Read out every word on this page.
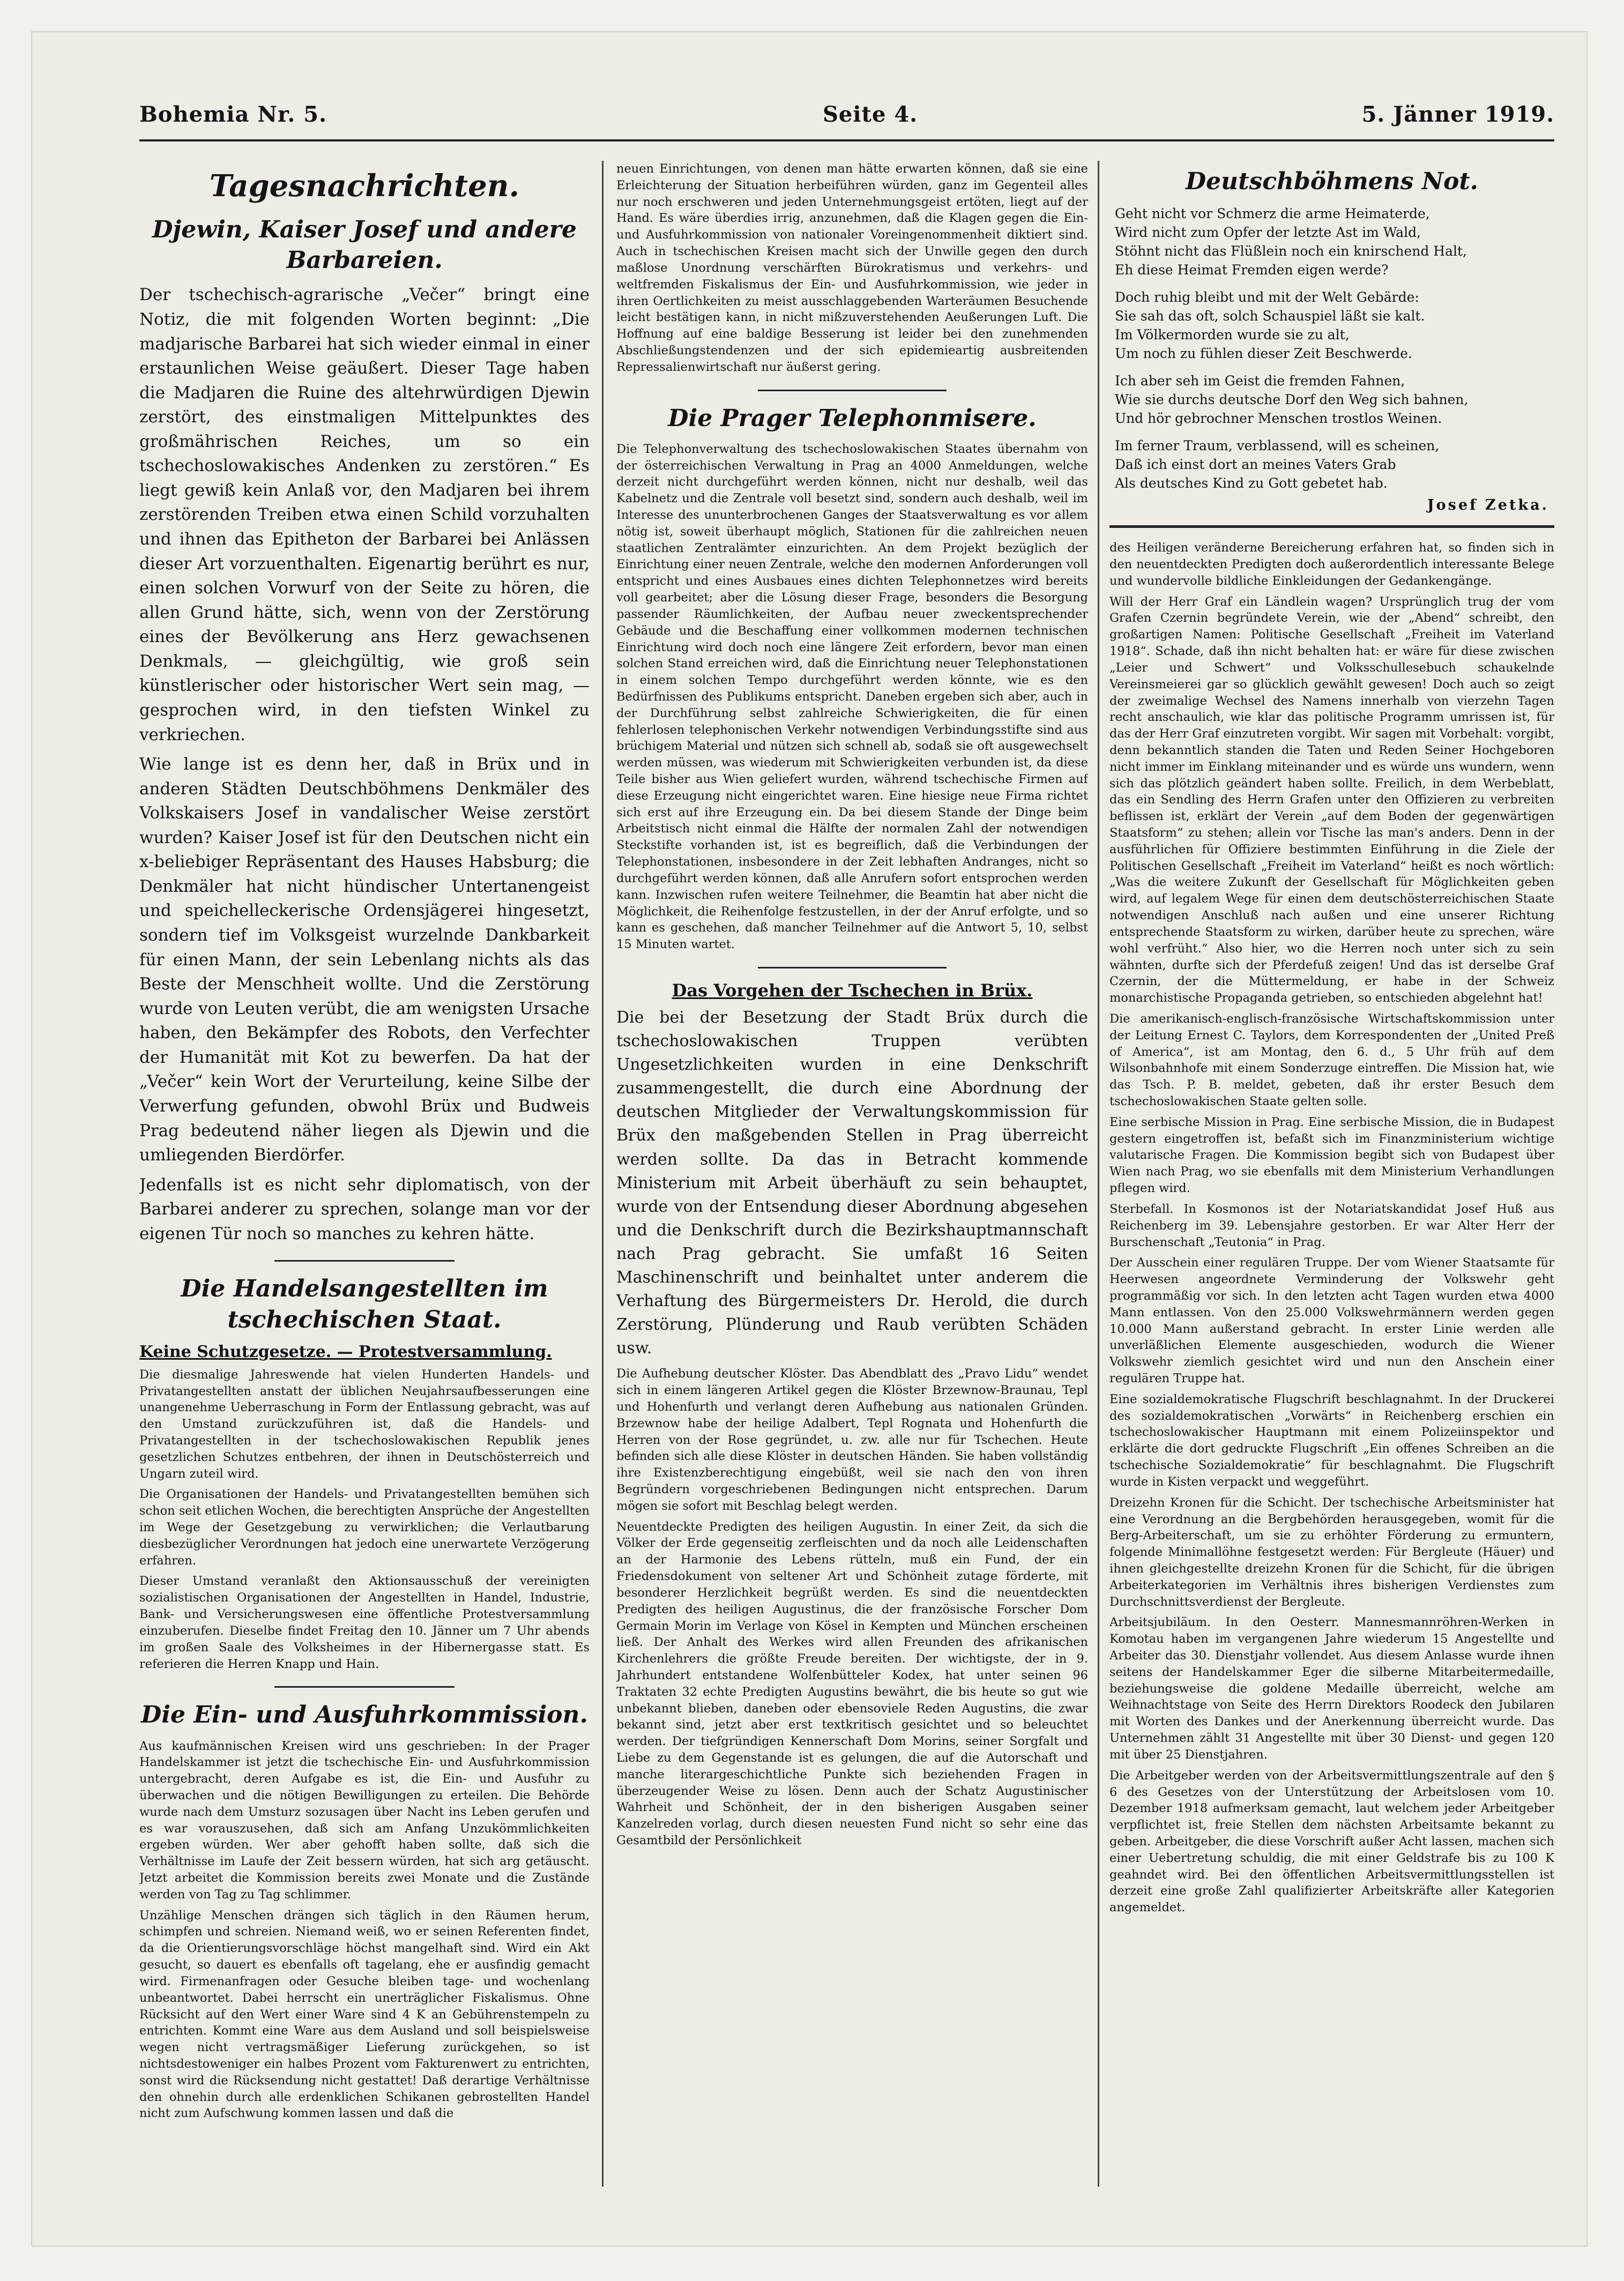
Bohemia Nr. 5.	Seite 4.	5. Jänner 1919.
Tagesnachrichten.
Djewin, Kaiser Josef und andere Barbareien.

Der tschechisch-agrarische „Večer“ bringt eine Notiz, die mit folgenden Worten beginnt: „Die madjarische Barbarei hat sich wieder einmal in einer erstaunlichen Weise geäußert. Dieser Tage haben die Madjaren die Ruine des altehrwürdigen Djewin zerstört, des einstmaligen Mittelpunktes des großmährischen Reiches, um so ein tschechoslowakisches Andenken zu zerstören.“ Es liegt gewiß kein Anlaß vor, den Madjaren bei ihrem zerstörenden Treiben etwa einen Schild vorzuhalten und ihnen das Epitheton der Barbarei bei Anlässen dieser Art vorzuenthalten. Eigenartig berührt es nur, einen solchen Vorwurf von der Seite zu hören, die allen Grund hätte, sich, wenn von der Zerstörung eines der Bevölkerung ans Herz gewachsenen Denkmals, — gleichgültig, wie groß sein künstlerischer oder historischer Wert sein mag, — gesprochen wird, in den tiefsten Winkel zu verkriechen.

Wie lange ist es denn her, daß in Brüx und in anderen Städten Deutschböhmens Denkmäler des Volkskaisers Josef in vandalischer Weise zerstört wurden? Kaiser Josef ist für den Deutschen nicht ein x-beliebiger Repräsentant des Hauses Habsburg; die Denkmäler hat nicht hündischer Untertanengeist und speichelleckerische Ordensjägerei hingesetzt, sondern tief im Volksgeist wurzelnde Dankbarkeit für einen Mann, der sein Lebenlang nichts als das Beste der Menschheit wollte. Und die Zerstörung wurde von Leuten verübt, die am wenigsten Ursache haben, den Bekämpfer des Robots, den Verfechter der Humanität mit Kot zu bewerfen. Da hat der „Večer“ kein Wort der Verurteilung, keine Silbe der Verwerfung gefunden, obwohl Brüx und Budweis Prag bedeutend näher liegen als Djewin und die umliegenden Bierdörfer.

Jedenfalls ist es nicht sehr diplomatisch, von der Barbarei anderer zu sprechen, solange man vor der eigenen Tür noch so manches zu kehren hätte.

Die Handelsangestellten im tschechischen Staat.
Keine Schutzgesetze. — Protestversammlung.

Die diesmalige Jahreswende hat vielen Hunderten Handels- und Privatangestellten anstatt der üblichen Neujahrsaufbesserungen eine unangenehme Ueberraschung in Form der Entlassung gebracht, was auf den Umstand zurückzuführen ist, daß die Handels- und Privatangestellten in der tschechoslowakischen Republik jenes gesetzlichen Schutzes entbehren, der ihnen in Deutschösterreich und Ungarn zuteil wird.

Die Organisationen der Handels- und Privatangestellten bemühen sich schon seit etlichen Wochen, die berechtigten Ansprüche der Angestellten im Wege der Gesetzgebung zu verwirklichen; die Verlautbarung diesbezüglicher Verordnungen hat jedoch eine unerwartete Verzögerung erfahren.

Dieser Umstand veranlaßt den Aktionsausschuß der vereinigten sozialistischen Organisationen der Angestellten in Handel, Industrie, Bank- und Versicherungswesen eine öffentliche Protestversammlung einzuberufen. Dieselbe findet Freitag den 10. Jänner um 7 Uhr abends im großen Saale des Volksheimes in der Hibernergasse statt. Es referieren die Herren Knapp und Hain.

Die Ein- und Ausfuhrkommission.

Aus kaufmännischen Kreisen wird uns geschrieben: In der Prager Handelskammer ist jetzt die tschechische Ein- und Ausfuhrkommission untergebracht, deren Aufgabe es ist, die Ein- und Ausfuhr zu überwachen und die nötigen Bewilligungen zu erteilen. Die Behörde wurde nach dem Umsturz sozusagen über Nacht ins Leben gerufen und es war vorauszusehen, daß sich am Anfang Unzukömmlichkeiten ergeben würden. Wer aber gehofft haben sollte, daß sich die Verhältnisse im Laufe der Zeit bessern würden, hat sich arg getäuscht. Jetzt arbeitet die Kommission bereits zwei Monate und die Zustände werden von Tag zu Tag schlimmer.

Unzählige Menschen drängen sich täglich in den Räumen herum, schimpfen und schreien. Niemand weiß, wo er seinen Referenten findet, da die Orientierungsvorschläge höchst mangelhaft sind. Wird ein Akt gesucht, so dauert es ebenfalls oft tagelang, ehe er ausfindig gemacht wird. Firmenanfragen oder Gesuche bleiben tage- und wochenlang unbeantwortet. Dabei herrscht ein unerträglicher Fiskalismus. Ohne Rücksicht auf den Wert einer Ware sind 4 K an Gebührenstempeln zu entrichten. Kommt eine Ware aus dem Ausland und soll beispielsweise wegen nicht vertragsmäßiger Lieferung zurückgehen, so ist nichtsdestoweniger ein halbes Prozent vom Fakturenwert zu entrichten, sonst wird die Rücksendung nicht gestattet! Daß derartige Verhältnisse den ohnehin durch alle erdenklichen Schikanen gebrostellten Handel nicht zum Aufschwung kommen lassen und daß die

neuen Einrichtungen, von denen man hätte erwarten können, daß sie eine Erleichterung der Situation herbeiführen würden, ganz im Gegenteil alles nur noch erschweren und jeden Unternehmungsgeist ertöten, liegt auf der Hand. Es wäre überdies irrig, anzunehmen, daß die Klagen gegen die Ein- und Ausfuhrkommission von nationaler Voreingenommenheit diktiert sind. Auch in tschechischen Kreisen macht sich der Unwille gegen den durch maßlose Unordnung verschärften Bürokratismus und verkehrs- und weltfremden Fiskalismus der Ein- und Ausfuhrkommission, wie jeder in ihren Oertlichkeiten zu meist ausschlaggebenden Warteräumen Besuchende leicht bestätigen kann, in nicht mißzuverstehenden Aeußerungen Luft. Die Hoffnung auf eine baldige Besserung ist leider bei den zunehmenden Abschließungstendenzen und der sich epidemieartig ausbreitenden Repressalienwirtschaft nur äußerst gering.

Die Prager Telephonmisere.

Die Telephonverwaltung des tschechoslowakischen Staates übernahm von der österreichischen Verwaltung in Prag an 4000 Anmeldungen, welche derzeit nicht durchgeführt werden können, nicht nur deshalb, weil das Kabelnetz und die Zentrale voll besetzt sind, sondern auch deshalb, weil im Interesse des ununterbrochenen Ganges der Staatsverwaltung es vor allem nötig ist, soweit überhaupt möglich, Stationen für die zahlreichen neuen staatlichen Zentralämter einzurichten. An dem Projekt bezüglich der Einrichtung einer neuen Zentrale, welche den modernen Anforderungen voll entspricht und eines Ausbaues eines dichten Telephonnetzes wird bereits voll gearbeitet; aber die Lösung dieser Frage, besonders die Besorgung passender Räumlichkeiten, der Aufbau neuer zweckentsprechender Gebäude und die Beschaffung einer vollkommen modernen technischen Einrichtung wird doch noch eine längere Zeit erfordern, bevor man einen solchen Stand erreichen wird, daß die Einrichtung neuer Telephonstationen in einem solchen Tempo durchgeführt werden könnte, wie es den Bedürfnissen des Publikums entspricht. Daneben ergeben sich aber, auch in der Durchführung selbst zahlreiche Schwierigkeiten, die für einen fehlerlosen telephonischen Verkehr notwendigen Verbindungsstifte sind aus brüchigem Material und nützen sich schnell ab, sodaß sie oft ausgewechselt werden müssen, was wiederum mit Schwierigkeiten verbunden ist, da diese Teile bisher aus Wien geliefert wurden, während tschechische Firmen auf diese Erzeugung nicht eingerichtet waren. Eine hiesige neue Firma richtet sich erst auf ihre Erzeugung ein. Da bei diesem Stande der Dinge beim Arbeitstisch nicht einmal die Hälfte der normalen Zahl der notwendigen Steckstifte vorhanden ist, ist es begreiflich, daß die Verbindungen der Telephonstationen, insbesondere in der Zeit lebhaften Andranges, nicht so durchgeführt werden können, daß alle Anrufern sofort entsprochen werden kann. Inzwischen rufen weitere Teilnehmer, die Beamtin hat aber nicht die Möglichkeit, die Reihenfolge festzustellen, in der der Anruf erfolgte, und so kann es geschehen, daß mancher Teilnehmer auf die Antwort 5, 10, selbst 15 Minuten wartet.

Das Vorgehen der Tschechen in Brüx.

Die bei der Besetzung der Stadt Brüx durch die tschechoslowakischen Truppen verübten Ungesetzlichkeiten wurden in eine Denkschrift zusammengestellt, die durch eine Abordnung der deutschen Mitglieder der Verwaltungskommission für Brüx den maßgebenden Stellen in Prag überreicht werden sollte. Da das in Betracht kommende Ministerium mit Arbeit überhäuft zu sein behauptet, wurde von der Entsendung dieser Abordnung abgesehen und die Denkschrift durch die Bezirkshauptmannschaft nach Prag gebracht. Sie umfaßt 16 Seiten Maschinenschrift und beinhaltet unter anderem die Verhaftung des Bürgermeisters Dr. Herold, die durch Zerstörung, Plünderung und Raub verübten Schäden usw.

Die Aufhebung deutscher Klöster. Das Abendblatt des „Pravo Lidu“ wendet sich in einem längeren Artikel gegen die Klöster Brzewnow-Braunau, Tepl und Hohenfurth und verlangt deren Aufhebung aus nationalen Gründen. Brzewnow habe der heilige Adalbert, Tepl Rognata und Hohenfurth die Herren von der Rose gegründet, u. zw. alle nur für Tschechen. Heute befinden sich alle diese Klöster in deutschen Händen. Sie haben vollständig ihre Existenzberechtigung eingebüßt, weil sie nach den von ihren Begründern vorgeschriebenen Bedingungen nicht entsprechen. Darum mögen sie sofort mit Beschlag belegt werden.

Neuentdeckte Predigten des heiligen Augustin. In einer Zeit, da sich die Völker der Erde gegenseitig zerfleischten und da noch alle Leidenschaften an der Harmonie des Lebens rütteln, muß ein Fund, der ein Friedensdokument von seltener Art und Schönheit zutage förderte, mit besonderer Herzlichkeit begrüßt werden. Es sind die neuentdeckten Predigten des heiligen Augustinus, die der französische Forscher Dom Germain Morin im Verlage von Kösel in Kempten und München erscheinen ließ. Der Anhalt des Werkes wird allen Freunden des afrikanischen Kirchenlehrers die größte Freude bereiten. Der wichtigste, der in 9. Jahrhundert entstandene Wolfenbütteler Kodex, hat unter seinen 96 Traktaten 32 echte Predigten Augustins bewährt, die bis heute so gut wie unbekannt blieben, daneben oder ebensoviele Reden Augustins, die zwar bekannt sind, jetzt aber erst textkritisch gesichtet und so beleuchtet werden. Der tiefgründigen Kennerschaft Dom Morins, seiner Sorgfalt und Liebe zu dem Gegenstande ist es gelungen, die auf die Autorschaft und manche literargeschichtliche Punkte sich beziehenden Fragen in überzeugender Weise zu lösen. Denn auch der Schatz Augustinischer Wahrheit und Schönheit, der in den bisherigen Ausgaben seiner Kanzelreden vorlag, durch diesen neuesten Fund nicht so sehr eine das Gesamtbild der Persönlichkeit

Deutschböhmens Not.
Geht nicht vor Schmerz die arme Heimaterde,
Wird nicht zum Opfer der letzte Ast im Wald,
Stöhnt nicht das Flüßlein noch ein knirschend Halt,
Eh diese Heimat Fremden eigen werde?
Doch ruhig bleibt und mit der Welt Gebärde:
Sie sah das oft, solch Schauspiel läßt sie kalt.
Im Völkermorden wurde sie zu alt,
Um noch zu fühlen dieser Zeit Beschwerde.
Ich aber seh im Geist die fremden Fahnen,
Wie sie durchs deutsche Dorf den Weg sich bahnen,
Und hör gebrochner Menschen trostlos Weinen.
Im ferner Traum, verblassend, will es scheinen,
Daß ich einst dort an meines Vaters Grab
Als deutsches Kind zu Gott gebetet hab.
Josef Zetka.

des Heiligen veränderne Bereicherung erfahren hat, so finden sich in den neuentdeckten Predigten doch außerordentlich interessante Belege und wundervolle bildliche Einkleidungen der Gedankengänge.

Will der Herr Graf ein Ländlein wagen? Ursprünglich trug der vom Grafen Czernin begründete Verein, wie der „Abend“ schreibt, den großartigen Namen: Politische Gesellschaft „Freiheit im Vaterland 1918“. Schade, daß ihn nicht behalten hat: er wäre für diese zwischen „Leier und Schwert“ und Volksschullesebuch schaukelnde Vereinsmeierei gar so glücklich gewählt gewesen! Doch auch so zeigt der zweimalige Wechsel des Namens innerhalb von vierzehn Tagen recht anschaulich, wie klar das politische Programm umrissen ist, für das der Herr Graf einzutreten vorgibt. Wir sagen mit Vorbehalt: vorgibt, denn bekanntlich standen die Taten und Reden Seiner Hochgeboren nicht immer im Einklang miteinander und es würde uns wundern, wenn sich das plötzlich geändert haben sollte. Freilich, in dem Werbeblatt, das ein Sendling des Herrn Grafen unter den Offizieren zu verbreiten beflissen ist, erklärt der Verein „auf dem Boden der gegenwärtigen Staatsform“ zu stehen; allein vor Tische las man's anders. Denn in der ausführlichen für Offiziere bestimmten Einführung in die Ziele der Politischen Gesellschaft „Freiheit im Vaterland“ heißt es noch wörtlich: „Was die weitere Zukunft der Gesellschaft für Möglichkeiten geben wird, auf legalem Wege für einen dem deutschösterreichischen Staate notwendigen Anschluß nach außen und eine unserer Richtung entsprechende Staatsform zu wirken, darüber heute zu sprechen, wäre wohl verfrüht.“ Also hier, wo die Herren noch unter sich zu sein wähnten, durfte sich der Pferdefuß zeigen! Und das ist derselbe Graf Czernin, der die Müttermeldung, er habe in der Schweiz monarchistische Propaganda getrieben, so entschieden abgelehnt hat!

Die amerikanisch-englisch-französische Wirtschaftskommission unter der Leitung Ernest C. Taylors, dem Korrespondenten der „United Preß of America“, ist am Montag, den 6. d., 5 Uhr früh auf dem Wilsonbahnhofe mit einem Sonderzuge eintreffen. Die Mission hat, wie das Tsch. P. B. meldet, gebeten, daß ihr erster Besuch dem tschechoslowakischen Staate gelten solle.

Eine serbische Mission in Prag. Eine serbische Mission, die in Budapest gestern eingetroffen ist, befaßt sich im Finanzministerium wichtige valutarische Fragen. Die Kommission begibt sich von Budapest über Wien nach Prag, wo sie ebenfalls mit dem Ministerium Verhandlungen pflegen wird.

Sterbefall. In Kosmonos ist der Notariatskandidat Josef Huß aus Reichenberg im 39. Lebensjahre gestorben. Er war Alter Herr der Burschenschaft „Teutonia“ in Prag.

Der Ausschein einer regulären Truppe. Der vom Wiener Staatsamte für Heerwesen angeordnete Verminderung der Volkswehr geht programmäßig vor sich. In den letzten acht Tagen wurden etwa 4000 Mann entlassen. Von den 25.000 Volkswehrmännern werden gegen 10.000 Mann außerstand gebracht. In erster Linie werden alle unverläßlichen Elemente ausgeschieden, wodurch die Wiener Volkswehr ziemlich gesichtet wird und nun den Anschein einer regulären Truppe hat.

Eine sozialdemokratische Flugschrift beschlagnahmt. In der Druckerei des sozialdemokratischen „Vorwärts“ in Reichenberg erschien ein tschechoslowakischer Hauptmann mit einem Polizeiinspektor und erklärte die dort gedruckte Flugschrift „Ein offenes Schreiben an die tschechische Sozialdemokratie“ für beschlagnahmt. Die Flugschrift wurde in Kisten verpackt und weggeführt.

Dreizehn Kronen für die Schicht. Der tschechische Arbeitsminister hat eine Verordnung an die Bergbehörden herausgegeben, womit für die Berg-Arbeiterschaft, um sie zu erhöhter Förderung zu ermuntern, folgende Minimallöhne festgesetzt werden: Für Bergleute (Häuer) und ihnen gleichgestellte dreizehn Kronen für die Schicht, für die übrigen Arbeiterkategorien im Verhältnis ihres bisherigen Verdienstes zum Durchschnittsverdienst der Bergleute.

Arbeitsjubiläum. In den Oesterr. Mannesmannröhren-Werken in Komotau haben im vergangenen Jahre wiederum 15 Angestellte und Arbeiter das 30. Dienstjahr vollendet. Aus diesem Anlasse wurde ihnen seitens der Handelskammer Eger die silberne Mitarbeitermedaille, beziehungsweise die goldene Medaille überreicht, welche am Weihnachtstage von Seite des Herrn Direktors Roodeck den Jubilaren mit Worten des Dankes und der Anerkennung überreicht wurde. Das Unternehmen zählt 31 Angestellte mit über 30 Dienst- und gegen 120 mit über 25 Dienstjahren.

Die Arbeitgeber werden von der Arbeitsvermittlungszentrale auf den § 6 des Gesetzes von der Unterstützung der Arbeitslosen vom 10. Dezember 1918 aufmerksam gemacht, laut welchem jeder Arbeitgeber verpflichtet ist, freie Stellen dem nächsten Arbeitsamte bekannt zu geben. Arbeitgeber, die diese Vorschrift außer Acht lassen, machen sich einer Uebertretung schuldig, die mit einer Geldstrafe bis zu 100 K geahndet wird. Bei den öffentlichen Arbeitsvermittlungsstellen ist derzeit eine große Zahl qualifizierter Arbeitskräfte aller Kategorien angemeldet.
